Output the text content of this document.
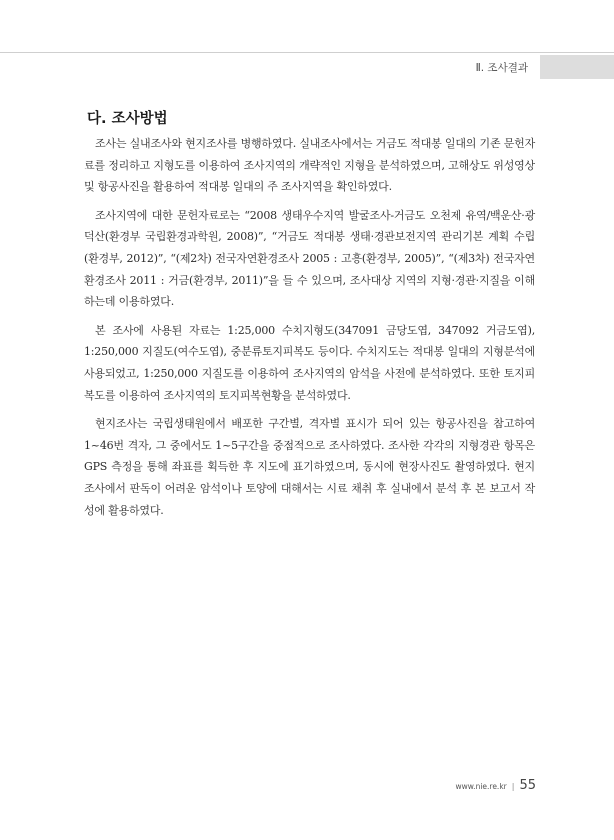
Ⅱ. 조사결과
다. 조사방법

조사는 실내조사와 현지조사를 병행하였다. 실내조사에서는 거금도 적대봉 일대의 기존 문헌자료를 정리하고 지형도를 이용하여 조사지역의 개략적인 지형을 분석하였으며, 고해상도 위성영상 및 항공사진을 활용하여 적대봉 일대의 주 조사지역을 확인하였다.

조사지역에 대한 문헌자료로는 “2008 생태우수지역 발굴조사-거금도 오천제 유역/백운산·광덕산(환경부 국립환경과학원, 2008)”, “거금도 적대봉 생태·경관보전지역 관리기본 계획 수립(환경부, 2012)”, “(제2차) 전국자연환경조사 2005 : 고흥(환경부, 2005)”, “(제3차) 전국자연환경조사 2011 : 거금(환경부, 2011)”을 들 수 있으며, 조사대상 지역의 지형·경관·지질을 이해하는데 이용하였다.

본 조사에 사용된 자료는 1:25,000 수치지형도(347091 금당도엽, 347092 거금도엽), 1:250,000 지질도(여수도엽), 중분류토지피복도 등이다. 수치지도는 적대봉 일대의 지형분석에 사용되었고, 1:250,000 지질도를 이용하여 조사지역의 암석을 사전에 분석하였다. 또한 토지피복도를 이용하여 조사지역의 토지피복현황을 분석하였다.

현지조사는 국립생태원에서 배포한 구간별, 격자별 표시가 되어 있는 항공사진을 참고하여 1~46번 격자, 그 중에서도 1~5구간을 중점적으로 조사하였다. 조사한 각각의 지형경관 항목은 GPS 측정을 통해 좌표를 획득한 후 지도에 표기하였으며, 동시에 현장사진도 촬영하였다. 현지조사에서 판독이 어려운 암석이나 토양에 대해서는 시료 채취 후 실내에서 분석 후 본 보고서 작성에 활용하였다.

www.nie.re.kr | 55
